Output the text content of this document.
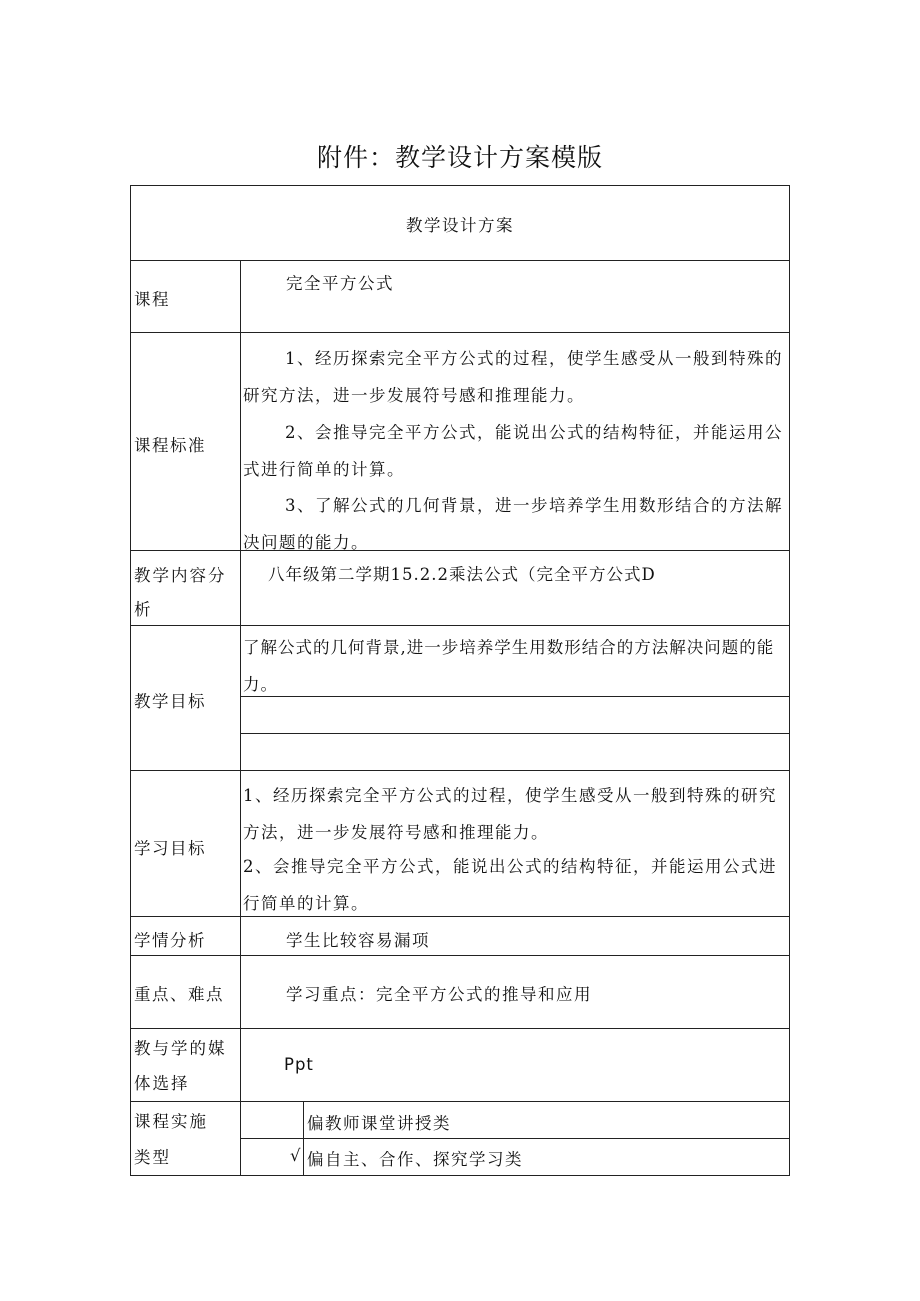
附件：教学设计方案模版
教学设计方案
课程
完全平方公式
课程标准
1、经历探索完全平方公式的过程，使学生感受从一般到特殊的研究方法，进一步发展符号感和推理能力。
2、会推导完全平方公式，能说出公式的结构特征，并能运用公式进行简单的计算。
3、了解公式的几何背景，进一步培养学生用数形结合的方法解决问题的能力。
教学内容分
析
八年级第二学期15.2.2乘法公式（完全平方公式D
教学目标
了解公式的几何背景,进一步培养学生用数形结合的方法解决问题的能力。
学习目标
1、经历探索完全平方公式的过程，使学生感受从一般到特殊的研究方法，进一步发展符号感和推理能力。
2、会推导完全平方公式，能说出公式的结构特征，并能运用公式进行简单的计算。
学情分析	学生比较容易漏项
重点、难点	学习重点：完全平方公式的推导和应用
教与学的媒
体选择
Ppt
课程实施
类型
偏教师课堂讲授类
√ 偏自主、合作、探究学习类
